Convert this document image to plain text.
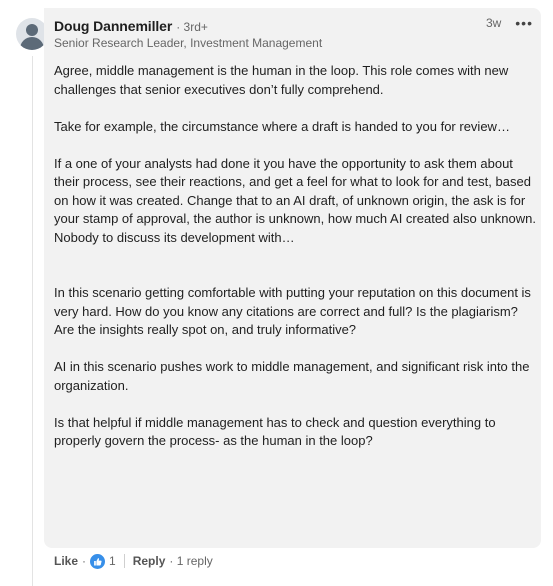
Doug Dannemiller · 3rd+
Senior Research Leader, Investment Management
3w •••

Agree, middle management is the human in the loop. This role comes with new challenges that senior executives don’t fully comprehend.

Take for example, the circumstance where a draft is handed to you for review…

If a one of your analysts had done it you have the opportunity to ask them about their process, see their reactions, and get a feel for what to look for and test, based on how it was created. Change that to an AI draft, of unknown origin, the ask is for your stamp of approval, the author is unknown, how much AI created also unknown. Nobody to discuss its development with…

In this scenario getting comfortable with putting your reputation on this document is very hard. How do you know any citations are correct and full? Is the plagiarism? Are the insights really spot on, and truly informative?

AI in this scenario pushes work to middle management, and significant risk into the organization.

Is that helpful if middle management has to check and question everything to properly govern the process- as the human in the loop?

Like · 1 Reply · 1 reply
